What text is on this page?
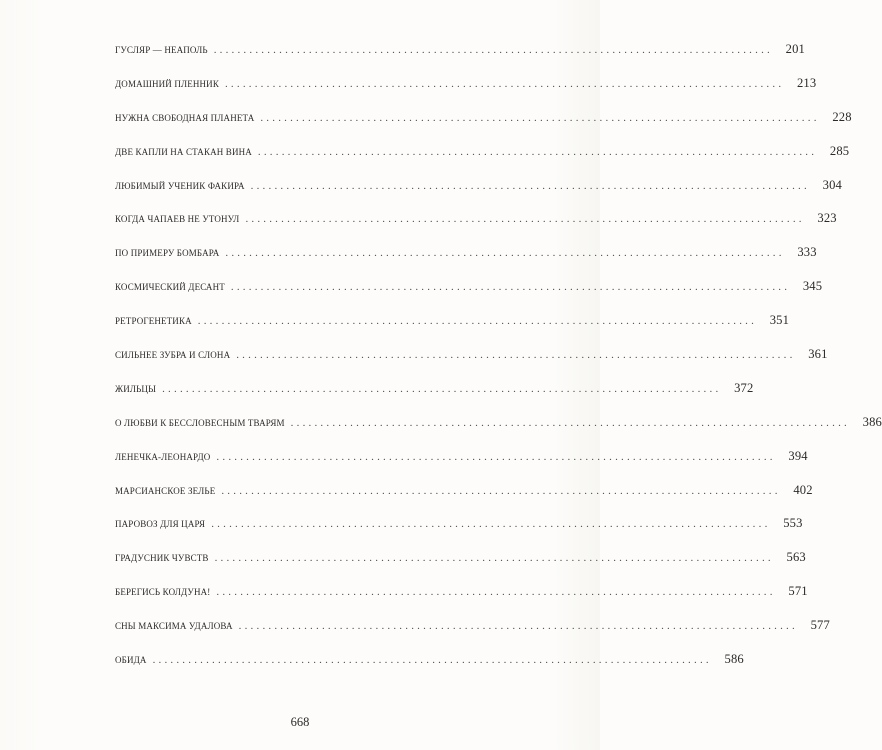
ГУСЛЯР — НЕАПОЛЬ ..............................................................................................	201
ДОМАШНИЙ ПЛЕННИК ..............................................................................................	213
НУЖНА СВОБОДНАЯ ПЛАНЕТА ..............................................................................................	228
ДВЕ КАПЛИ НА СТАКАН ВИНА ..............................................................................................	285
ЛЮБИМЫЙ УЧЕНИК ФАКИРА ..............................................................................................	304
КОГДА ЧАПАЕВ НЕ УТОНУЛ ..............................................................................................	323
ПО ПРИМЕРУ БОМБАРА ..............................................................................................	333
КОСМИЧЕСКИЙ ДЕСАНТ ..............................................................................................	345
РЕТРОГЕНЕТИКА ..............................................................................................	351
СИЛЬНЕЕ ЗУБРА И СЛОНА ..............................................................................................	361
ЖИЛЬЦЫ ..............................................................................................	372
О ЛЮБВИ К БЕССЛОВЕСНЫМ ТВАРЯМ ..............................................................................................	386
ЛЕНЕЧКА-ЛЕОНАРДО ..............................................................................................	394
МАРСИАНСКОЕ ЗЕЛЬЕ ..............................................................................................	402
ПАРОВОЗ ДЛЯ ЦАРЯ ..............................................................................................	553
ГРАДУСНИК ЧУВСТВ ..............................................................................................	563
БЕРЕГИСЬ КОЛДУНА! ..............................................................................................	571
СНЫ МАКСИМА УДАЛОВА ..............................................................................................	577
ОБИДА ..............................................................................................	586
668
